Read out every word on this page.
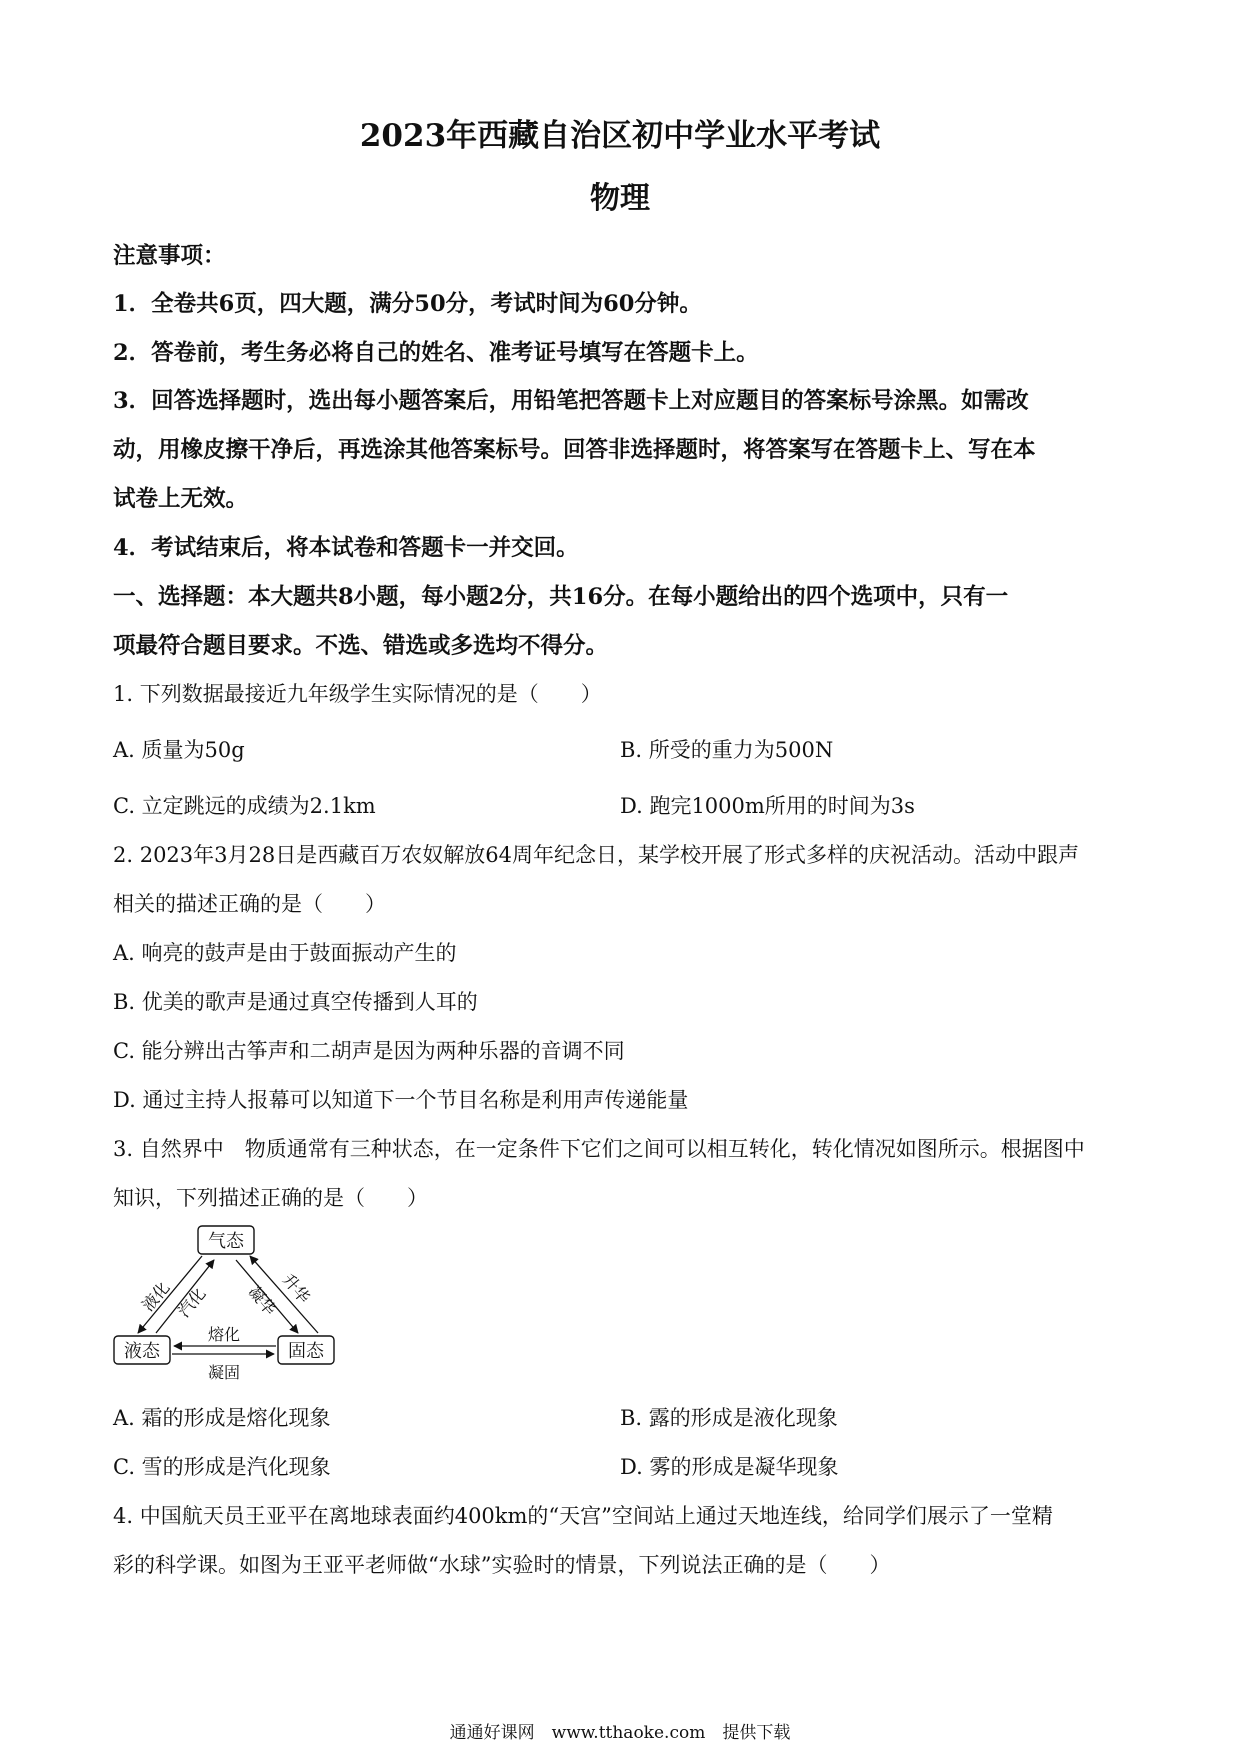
2023年西藏自治区初中学业水平考试
物理
注意事项：
1．全卷共6页，四大题，满分50分，考试时间为60分钟。
2．答卷前，考生务必将自己的姓名、准考证号填写在答题卡上。
3．回答选择题时，选出每小题答案后，用铅笔把答题卡上对应题目的答案标号涂黑。如需改
动，用橡皮擦干净后，再选涂其他答案标号。回答非选择题时，将答案写在答题卡上、写在本
试卷上无效。
4．考试结束后，将本试卷和答题卡一并交回。
一、选择题：本大题共8小题，每小题2分，共16分。在每小题给出的四个选项中，只有一
项最符合题目要求。不选、错选或多选均不得分。
1. 下列数据最接近九年级学生实际情况的是（　　）
A. 质量为50g	B. 所受的重力为500N
C. 立定跳远的成绩为2.1km	D. 跑完1000m所用的时间为3s
2. 2023年3月28日是西藏百万农奴解放64周年纪念日，某学校开展了形式多样的庆祝活动。活动中跟声
相关的描述正确的是（　　）
A. 响亮的鼓声是由于鼓面振动产生的
B. 优美的歌声是通过真空传播到人耳的
C. 能分辨出古筝声和二胡声是因为两种乐器的音调不同
D. 通过主持人报幕可以知道下一个节目名称是利用声传递能量
3. 自然界中　物质通常有三种状态，在一定条件下它们之间可以相互转化，转化情况如图所示。根据图中
知识，下列描述正确的是（　　）
气态
液态	固态
液化 汽化	升华
凝华
熔化
凝固
A. 霜的形成是熔化现象	B. 露的形成是液化现象
C. 雪的形成是汽化现象	D. 雾的形成是凝华现象
4. 中国航天员王亚平在离地球表面约400km的“天宫”空间站上通过天地连线，给同学们展示了一堂精
彩的科学课。如图为王亚平老师做“水球”实验时的情景，下列说法正确的是（　　）
通通好课网　www.tthaoke.com　提供下载
